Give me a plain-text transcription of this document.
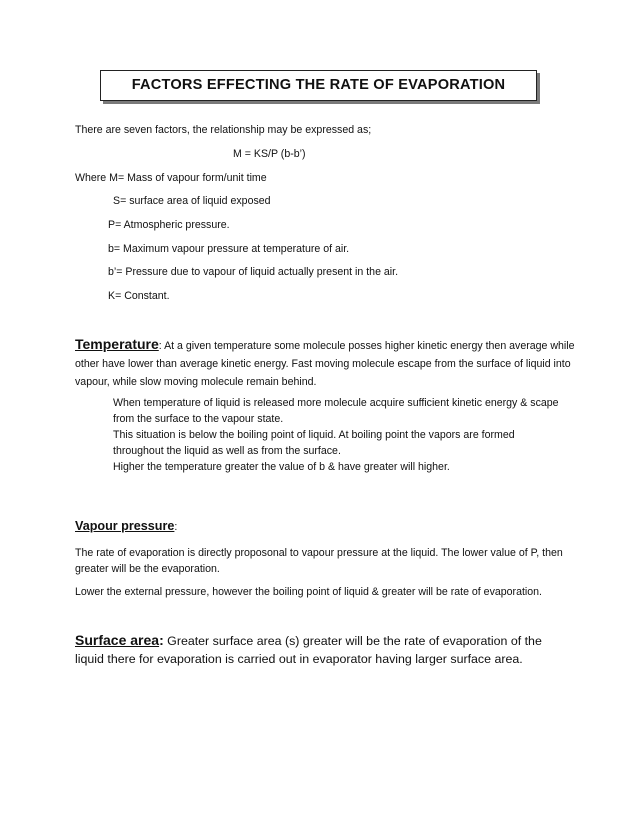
FACTORS EFFECTING THE RATE OF EVAPORATION
There are seven factors, the relationship may be expressed as;
M = KS/P (b-b’)
Where M= Mass of vapour form/unit time
S= surface area of liquid exposed
P= Atmospheric pressure.
b= Maximum vapour pressure at temperature of air.
b’= Pressure due to vapour of liquid actually present in the air.
K= Constant.
Temperature: At a given temperature some molecule posses higher kinetic energy then average while other have lower than average kinetic energy. Fast moving molecule escape from the surface of liquid into vapour, while slow moving molecule remain behind.
When temperature of liquid is released more molecule acquire sufficient kinetic energy & scape from the surface to the vapour state.
This situation is below the boiling point of liquid. At boiling point the vapors are formed throughout the liquid as well as from the surface.
Higher the temperature greater the value of b & have greater will higher.
Vapour pressure:
The rate of evaporation is directly proposonal to vapour pressure at the liquid. The lower value of P, then greater will be the evaporation.
Lower the external pressure, however the boiling point of liquid & greater will be rate of evaporation.
Surface area: Greater surface area (s) greater will be the rate of evaporation of the liquid there for evaporation is carried out in evaporator having larger surface area.
